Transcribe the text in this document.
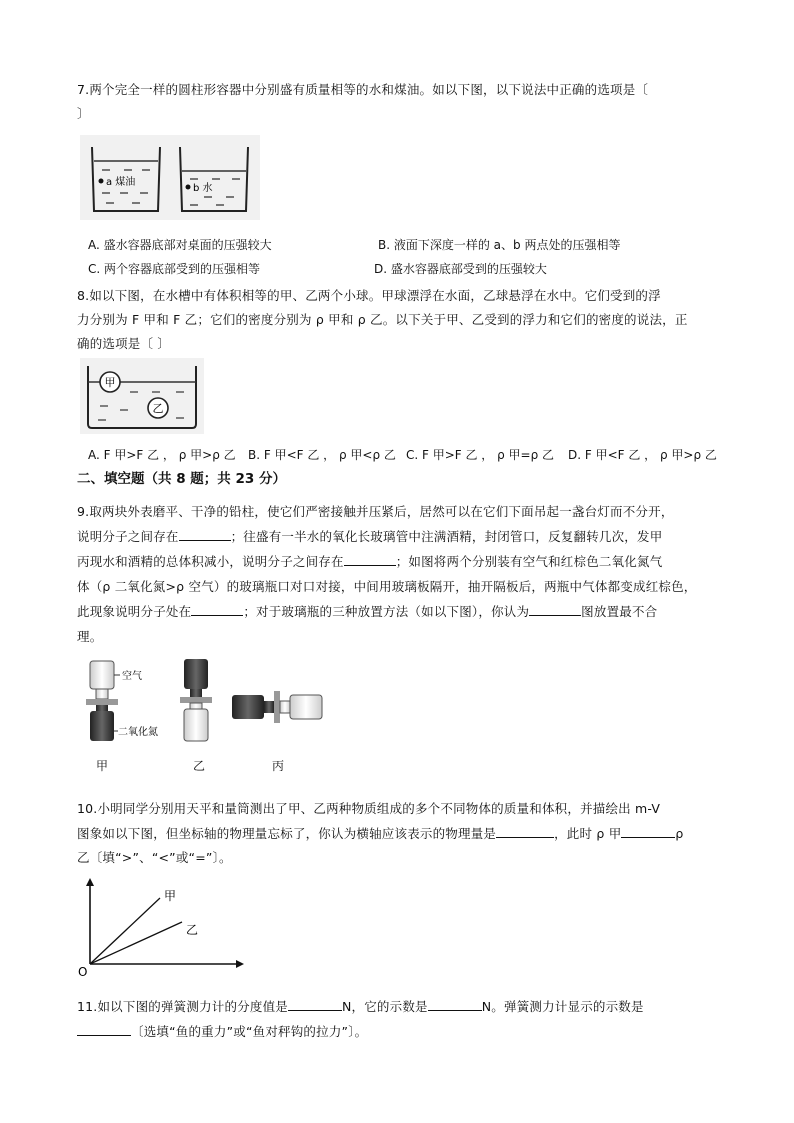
7.两个完全一样的圆柱形容器中分别盛有质量相等的水和煤油。如以下图，以下说法中正确的选项是〔
〕
a 煤油
b 水
A. 盛水容器底部对桌面的压强较大	B. 液面下深度一样的 a、b 两点处的压强相等
C. 两个容器底部受到的压强相等	D. 盛水容器底部受到的压强较大
8.如以下图，在水槽中有体积相等的甲、乙两个小球。甲球漂浮在水面，乙球悬浮在水中。它们受到的浮
力分别为 F 甲和 F 乙；它们的密度分别为 ρ 甲和 ρ 乙。以下关于甲、乙受到的浮力和它们的密度的说法，正
确的选项是〔 〕
甲
乙
A. F 甲>F 乙 ， ρ 甲>ρ 乙 B. F 甲<F 乙 ， ρ 甲<ρ 乙 C. F 甲>F 乙 ， ρ 甲=ρ 乙 D. F 甲<F 乙 ， ρ 甲>ρ 乙
二、填空题（共 8 题；共 23 分）
9.取两块外表磨平、干净的铅柱，使它们严密接触并压紧后，居然可以在它们下面吊起一盏台灯而不分开，
说明分子之间存在	；往盛有一半水的氧化长玻璃管中注满酒精，封闭管口，反复翻转几次，发甲
丙现水和酒精的总体积减小，说明分子之间存在	；如图将两个分别装有空气和红棕色二氧化氮气
体（ρ 二氧化氮>ρ 空气）的玻璃瓶口对口对接，中间用玻璃板隔开，抽开隔板后，两瓶中气体都变成红棕色，
此现象说明分子处在	；对于玻璃瓶的三种放置方法（如以下图），你认为	图放置最不合
理。
空气
二氧化氮
甲	乙	丙
10.小明同学分别用天平和量筒测出了甲、乙两种物质组成的多个不同物体的质量和体积，并描绘出 m-V
图象如以下图，但坐标轴的物理量忘标了，你认为横轴应该表示的物理量是	，此时 ρ 甲	ρ
乙〔填“>”、“<”或“=”〕。
甲
乙
O
11.如以下图的弹簧测力计的分度值是	N，它的示数是	N。弹簧测力计显示的示数是
〔选填“鱼的重力”或“鱼对秤钩的拉力”〕。
